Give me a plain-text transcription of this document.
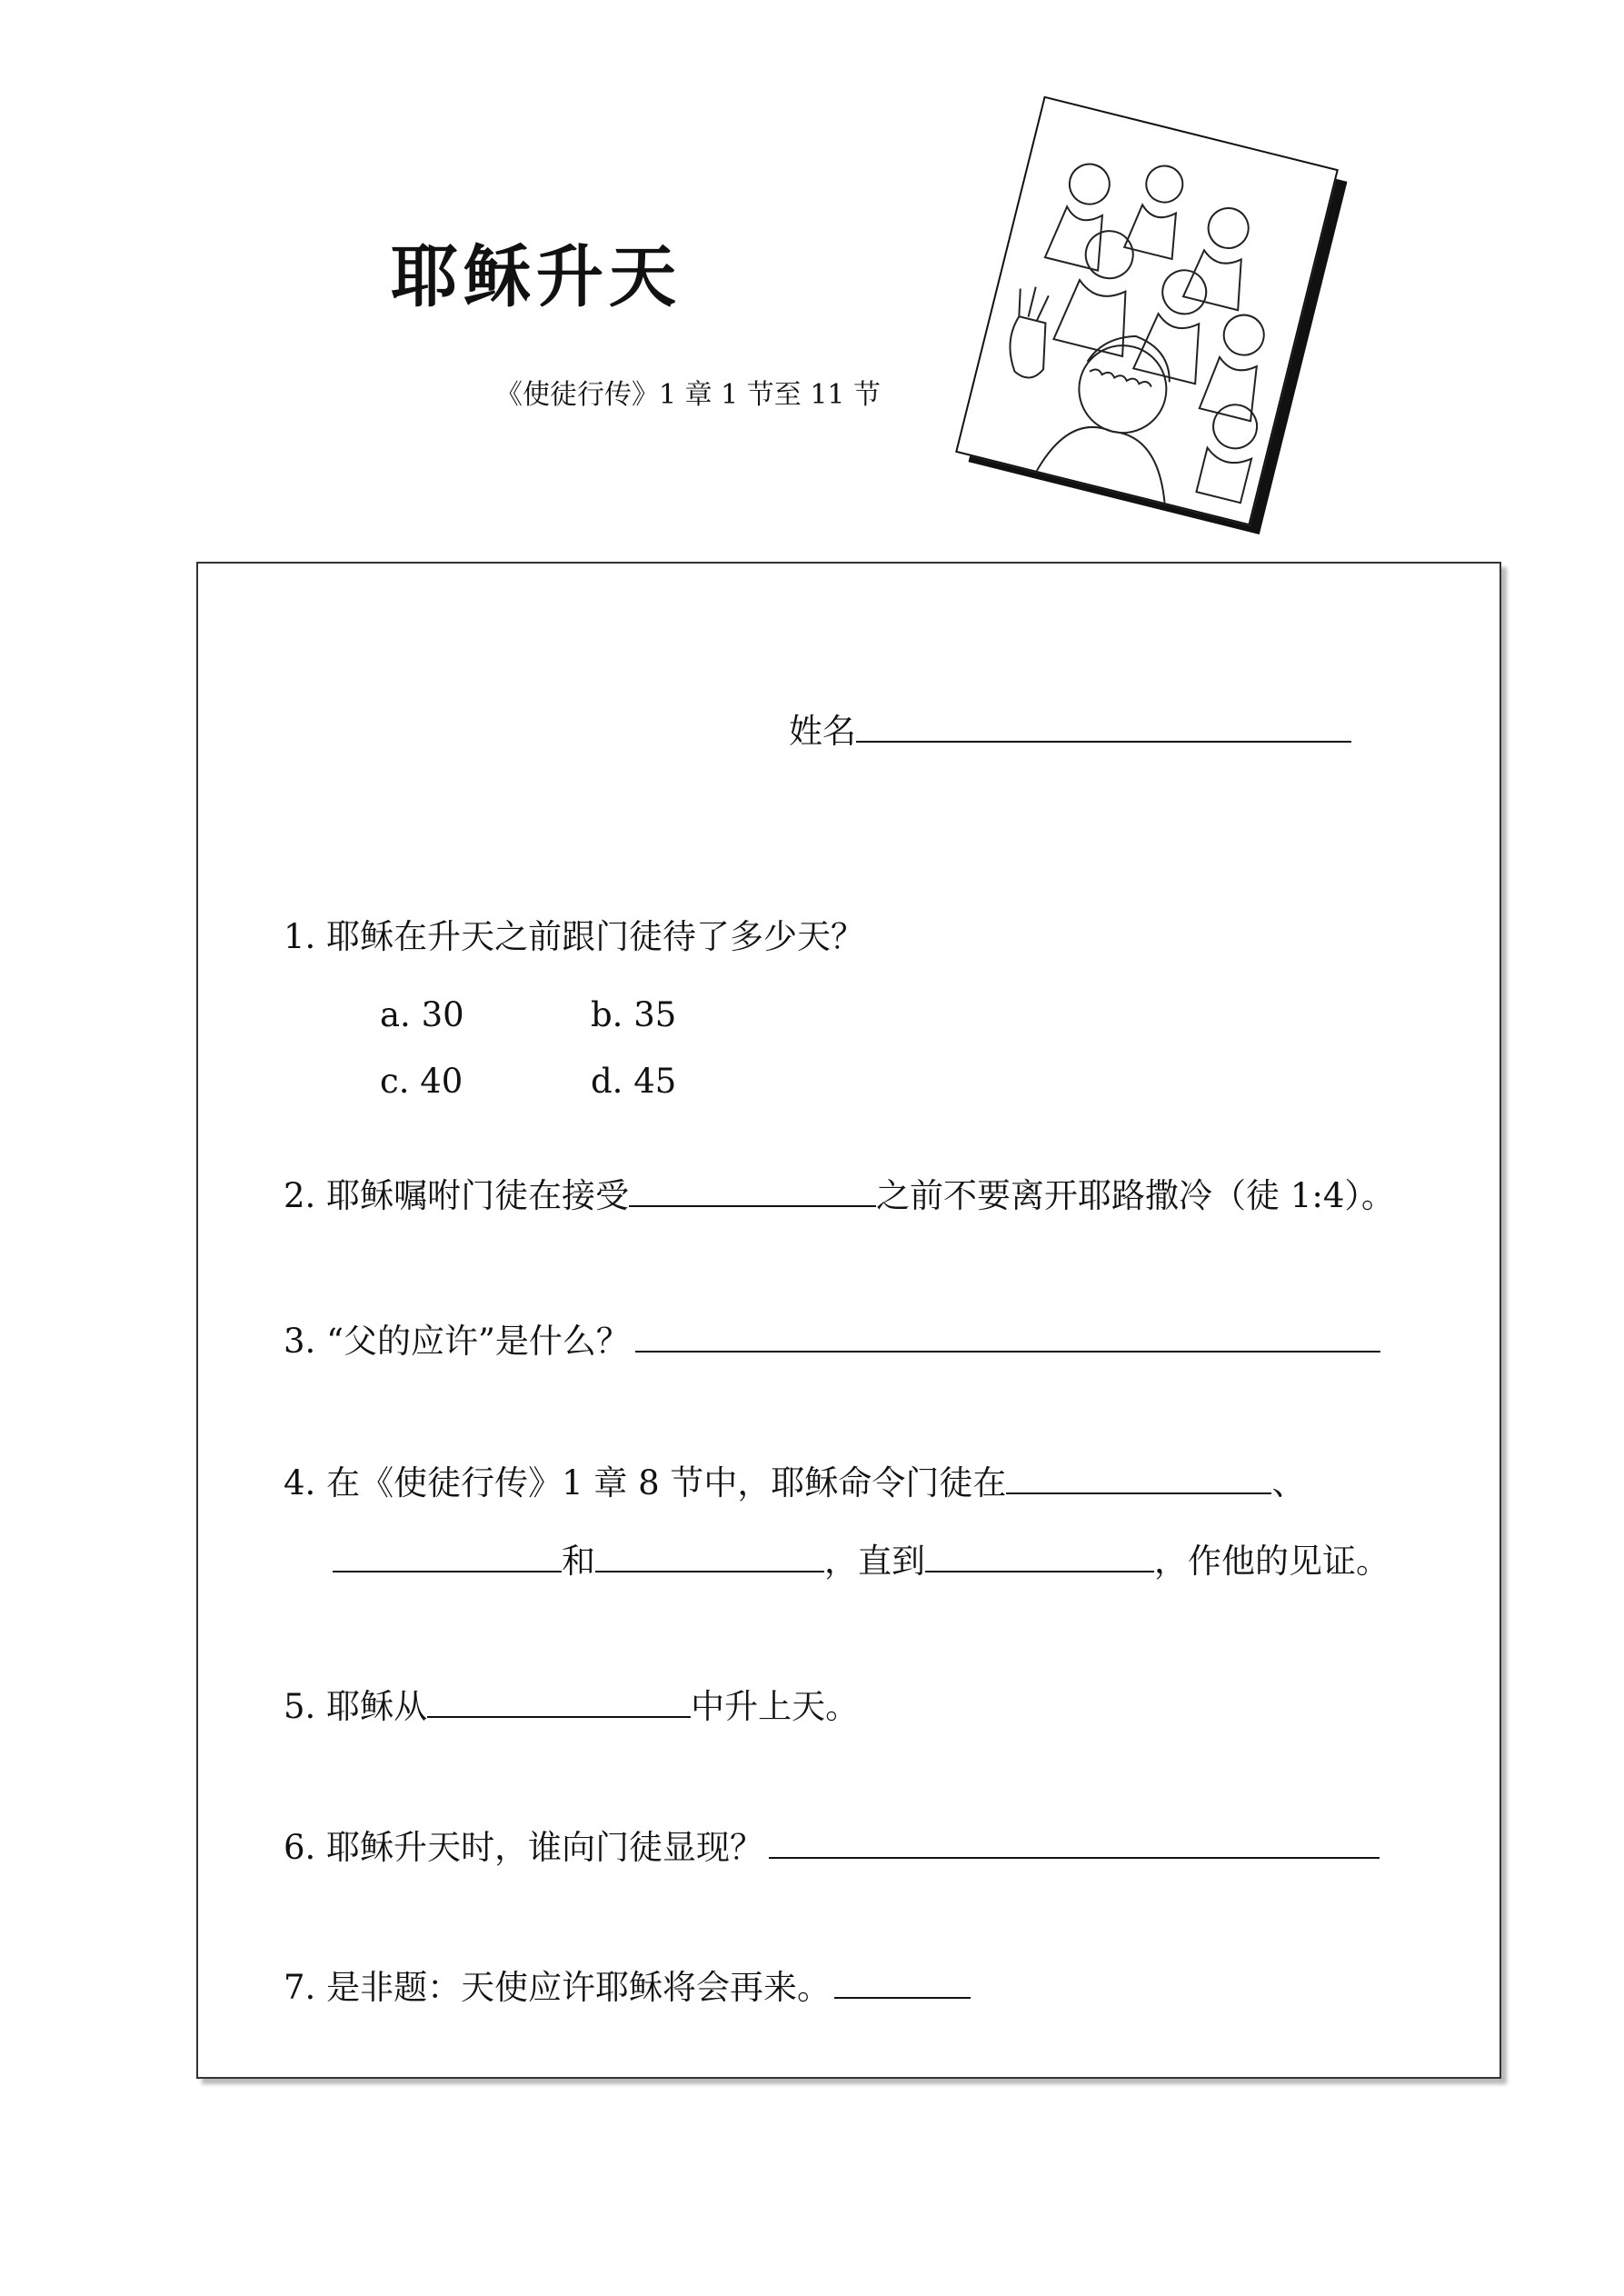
耶稣升天
《使徒行传》1 章 1 节至 11 节
姓名
1. 耶稣在升天之前跟门徒待了多少天？
a. 30	b. 35
c. 40	d. 45
2. 耶稣嘱咐门徒在接受	之前不要离开耶路撒冷（徒 1:4）。
3. “父的应许”是什么？
4. 在《使徒行传》1 章 8 节中，耶稣命令门徒在	、
和	，直到	，作他的见证。
5. 耶稣从	中升上天。
6. 耶稣升天时，谁向门徒显现？
7. 是非题：天使应许耶稣将会再来。
